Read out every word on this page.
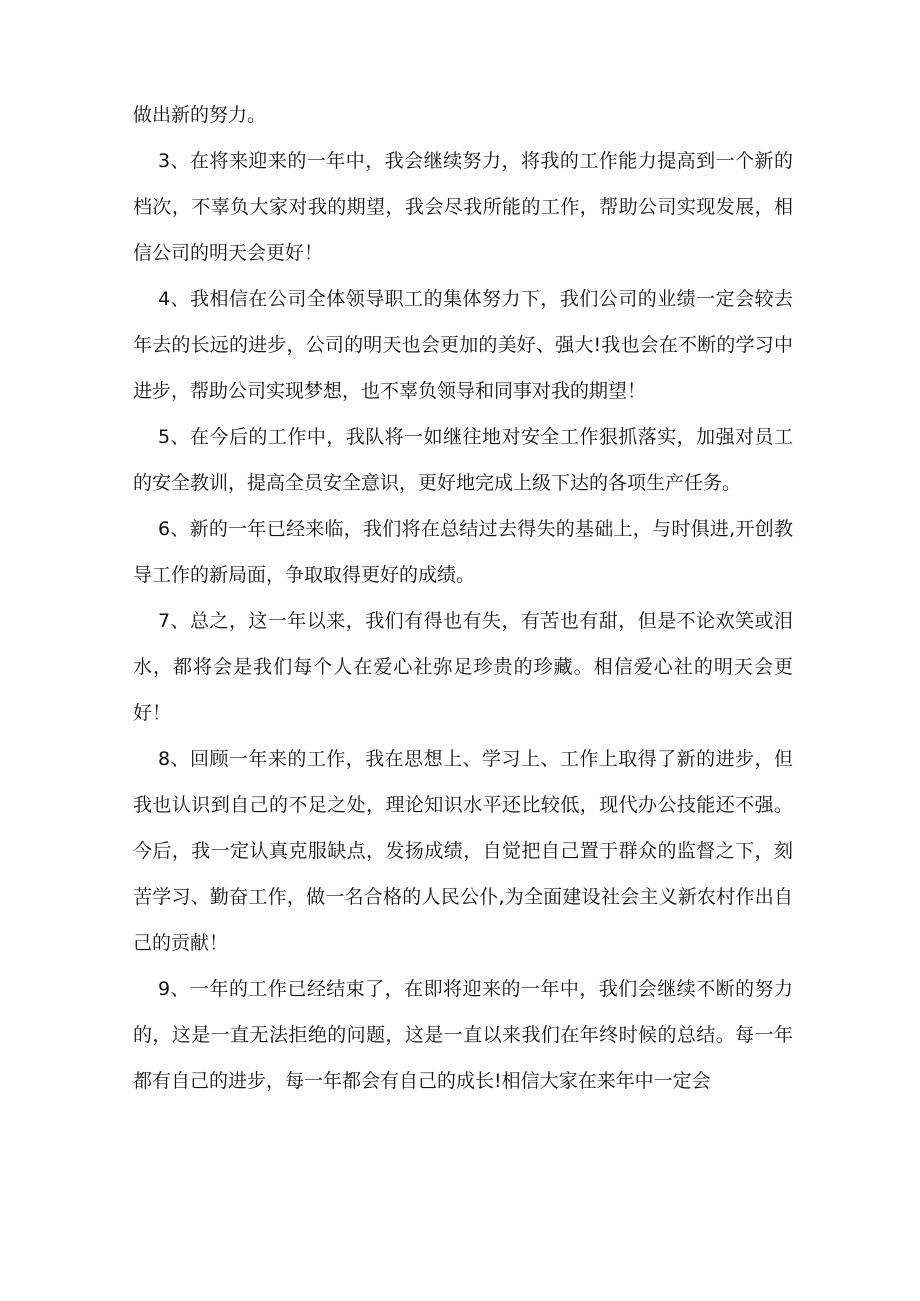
做出新的努力。

3、在将来迎来的一年中，我会继续努力，将我的工作能力提高到一个新的档次，不辜负大家对我的期望，我会尽我所能的工作，帮助公司实现发展，相信公司的明天会更好！

4、我相信在公司全体领导职工的集体努力下，我们公司的业绩一定会较去年去的长远的进步，公司的明天也会更加的美好、强大!我也会在不断的学习中进步，帮助公司实现梦想，也不辜负领导和同事对我的期望！

5、在今后的工作中，我队将一如继往地对安全工作狠抓落实，加强对员工的安全教训，提高全员安全意识，更好地完成上级下达的各项生产任务。

6、新的一年已经来临，我们将在总结过去得失的基础上，与时俱进,开创教导工作的新局面，争取取得更好的成绩。

7、总之，这一年以来，我们有得也有失，有苦也有甜，但是不论欢笑或泪水，都将会是我们每个人在爱心社弥足珍贵的珍藏。相信爱心社的明天会更好！

8、回顾一年来的工作，我在思想上、学习上、工作上取得了新的进步，但我也认识到自己的不足之处，理论知识水平还比较低，现代办公技能还不强。今后，我一定认真克服缺点，发扬成绩，自觉把自己置于群众的监督之下，刻苦学习、勤奋工作，做一名合格的人民公仆,为全面建设社会主义新农村作出自己的贡献！

9、一年的工作已经结束了，在即将迎来的一年中，我们会继续不断的努力的，这是一直无法拒绝的问题，这是一直以来我们在年终时候的总结。每一年都有自己的进步，每一年都会有自己的成长!相信大家在来年中一定会
